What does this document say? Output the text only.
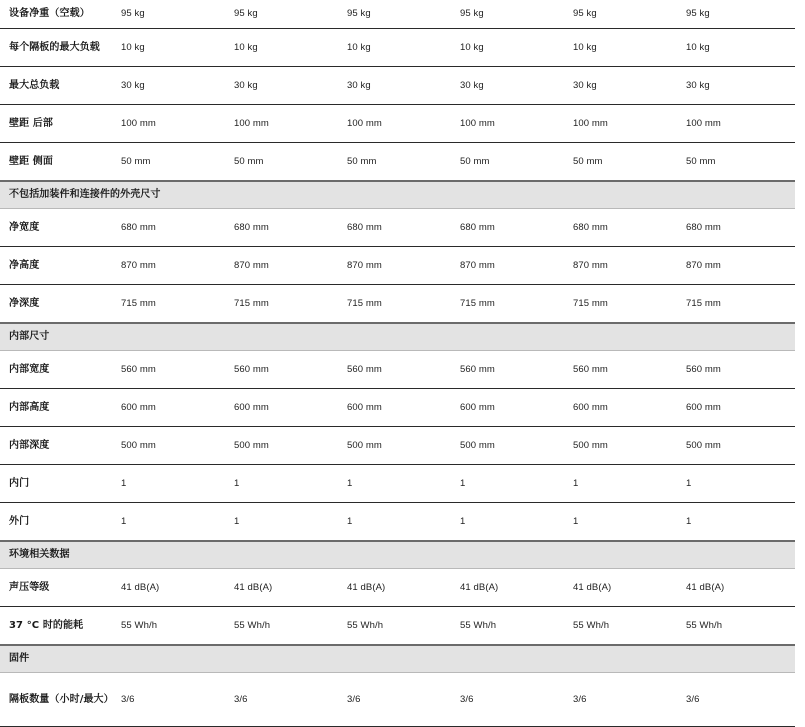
设备净重（空载）	95 kg	95 kg	95 kg	95 kg	95 kg	95 kg
每个隔板的最大负载	10 kg	10 kg	10 kg	10 kg	10 kg	10 kg
最大总负载	30 kg	30 kg	30 kg	30 kg	30 kg	30 kg
壁距 后部	100 mm	100 mm	100 mm	100 mm	100 mm	100 mm
壁距 侧面	50 mm	50 mm	50 mm	50 mm	50 mm	50 mm
不包括加装件和连接件的外壳尺寸
净宽度	680 mm	680 mm	680 mm	680 mm	680 mm	680 mm
净高度	870 mm	870 mm	870 mm	870 mm	870 mm	870 mm
净深度	715 mm	715 mm	715 mm	715 mm	715 mm	715 mm
内部尺寸
内部宽度	560 mm	560 mm	560 mm	560 mm	560 mm	560 mm
内部高度	600 mm	600 mm	600 mm	600 mm	600 mm	600 mm
内部深度	500 mm	500 mm	500 mm	500 mm	500 mm	500 mm
内门	1	1	1	1	1	1
外门	1	1	1	1	1	1
环境相关数据
声压等级	41 dB(A)	41 dB(A)	41 dB(A)	41 dB(A)	41 dB(A)	41 dB(A)
37 °C 时的能耗	55 Wh/h	55 Wh/h	55 Wh/h	55 Wh/h	55 Wh/h	55 Wh/h
固件
隔板数量（小时/最大） 3/6	3/6	3/6	3/6	3/6	3/6
